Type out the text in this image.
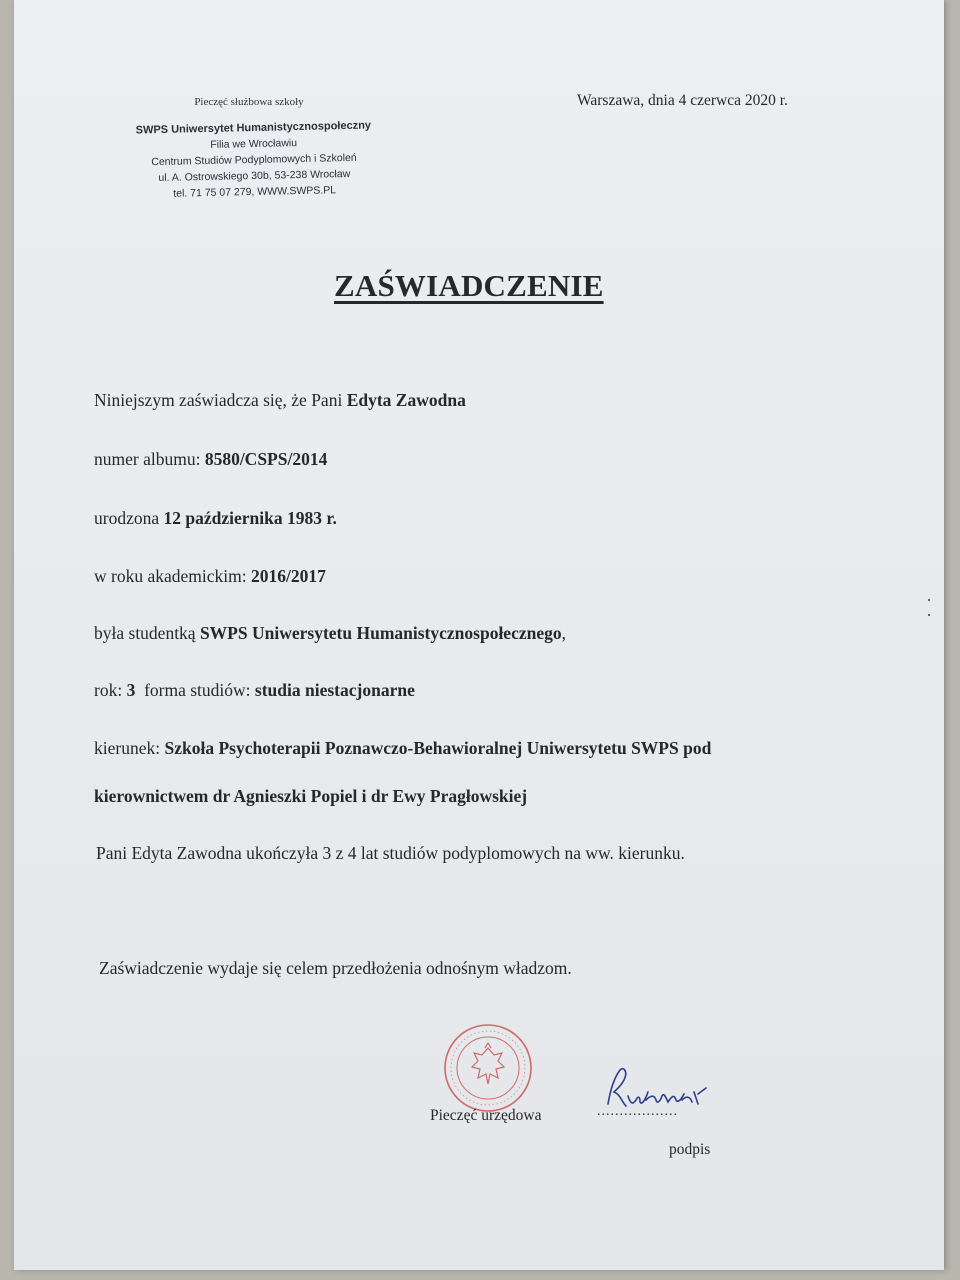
Pieczęć służbowa szkoły
SWPS Uniwersytet Humanistycznospołeczny
Filia we Wrocławiu
Centrum Studiów Podyplomowych i Szkoleń
ul. A. Ostrowskiego 30b, 53-238 Wrocław
tel. 71 75 07 279, WWW.SWPS.PL
Warszawa, dnia 4 czerwca 2020 r.
ZAŚWIADCZENIE
Niniejszym zaświadcza się, że Pani Edyta Zawodna
numer albumu: 8580/CSPS/2014
urodzona 12 października 1983 r.
w roku akademickim: 2016/2017
była studentką SWPS Uniwersytetu Humanistycznospołecznego,
rok: 3  forma studiów: studia niestacjonarne
kierunek: Szkoła Psychoterapii Poznawczo-Behawioralnej Uniwersytetu SWPS pod
kierownictwem dr Agnieszki Popiel i dr Ewy Pragłowskiej
Pani Edyta Zawodna ukończyła 3 z 4 lat studiów podyplomowych na ww. kierunku.
Zaświadczenie wydaje się celem przedłożenia odnośnym władzom.
Pieczęć urzędowa	..................
podpis
